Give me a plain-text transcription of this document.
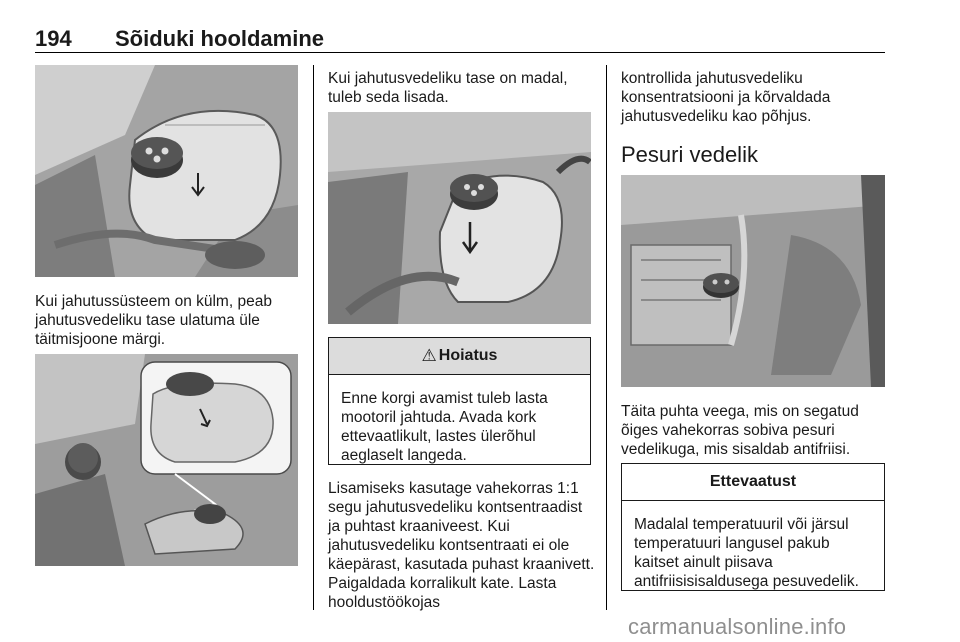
194 Sõiduki hooldamine

Kui jahutussüsteem on külm, peab jahutusvedeliku tase ulatuma üle täitmisjoone märgi.

Kui jahutusvedeliku tase on madal, tuleb seda lisada.

⚠ Hoiatus
Enne korgi avamist tuleb lasta mootoril jahtuda. Avada kork ettevaatlikult, lastes ülerõhul aeglaselt langeda.

Lisamiseks kasutage vahekorras 1:1 segu jahutusvedeliku kontsentraadist ja puhtast kraaniveest. Kui jahutusvedeliku kontsentraati ei ole käepärast, kasutada puhast kraanivett. Paigaldada korralikult kate. Lasta hooldustöökojas

kontrollida jahutusvedeliku konsentratsiooni ja kõrvaldada jahutusvedeliku kao põhjus.

Pesuri vedelik

Täita puhta veega, mis on segatud õiges vahekorras sobiva pesuri vedelikuga, mis sisaldab antifriisi.

Ettevaatust
Madalal temperatuuril või järsul temperatuuri langusel pakub kaitset ainult piisava antifriisisisaldusega pesuvedelik.
carmanualsonline.info
